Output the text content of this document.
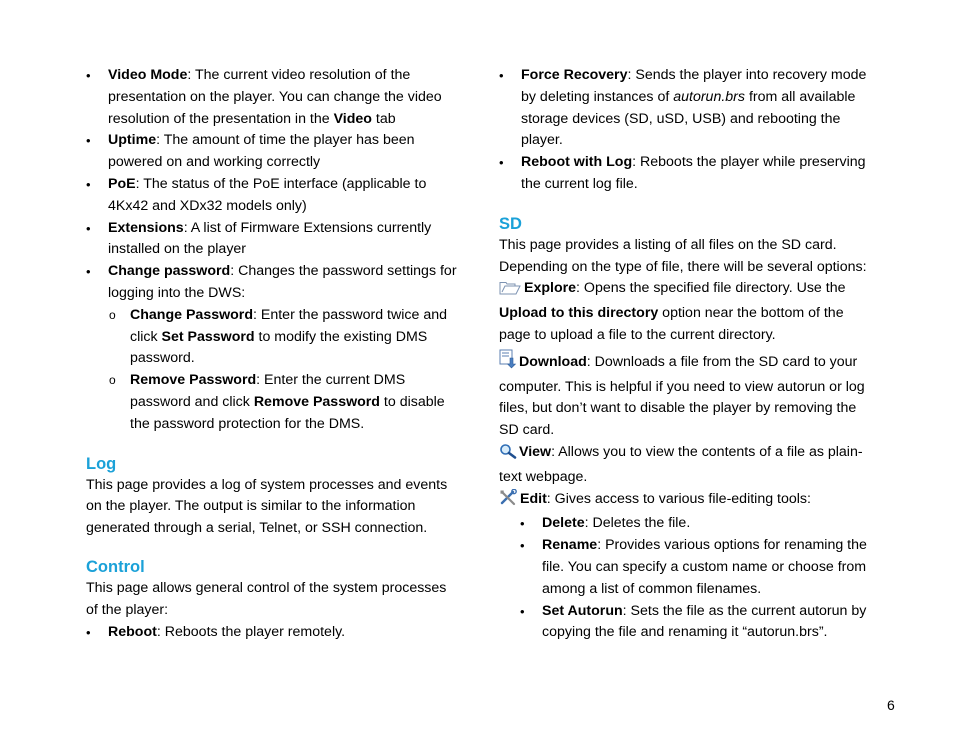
• Video Mode: The current video resolution of the presentation on the player. You can change the video resolution of the presentation in the Video tab
• Uptime: The amount of time the player has been powered on and working correctly
• PoE: The status of the PoE interface (applicable to 4Kx42 and XDx32 models only)
• Extensions: A list of Firmware Extensions currently installed on the player
• Change password: Changes the password settings for logging into the DWS:
o Change Password: Enter the password twice and click Set Password to modify the existing DMS password.
o Remove Password: Enter the current DMS password and click Remove Password to disable the password protection for the DMS.
Log

This page provides a log of system processes and events on the player. The output is similar to the information generated through a serial, Telnet, or SSH connection.

Control

This page allows general control of the system processes of the player:

• Reboot: Reboots the player remotely.
• Force Recovery: Sends the player into recovery mode by deleting instances of autorun.brs from all available storage devices (SD, uSD, USB) and rebooting the player.
• Reboot with Log: Reboots the player while preserving the current log file.
SD

This page provides a listing of all files on the SD card. Depending on the type of file, there will be several options:

Explore: Opens the specified file directory. Use the Upload to this directory option near the bottom of the page to upload a file to the current directory.

Download: Downloads a file from the SD card to your computer. This is helpful if you need to view autorun or log files, but don’t want to disable the player by removing the SD card.

View: Allows you to view the contents of a file as plain-text webpage.

Edit: Gives access to various file-editing tools:

• Delete: Deletes the file.
• Rename: Provides various options for renaming the file. You can specify a custom name or choose from among a list of common filenames.
• Set Autorun: Sets the file as the current autorun by copying the file and renaming it “autorun.brs”.
6
